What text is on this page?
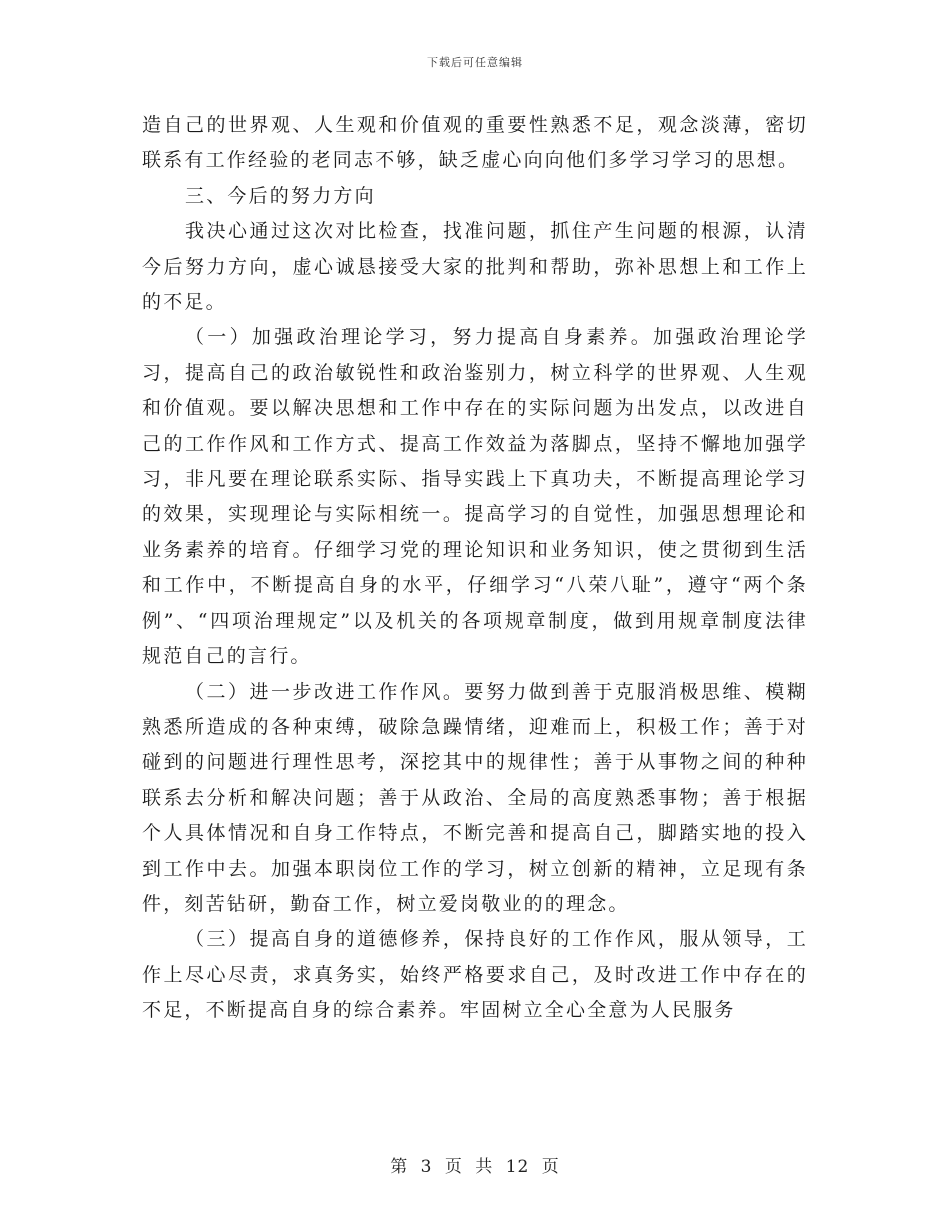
下载后可任意编辑

造自己的世界观、人生观和价值观的重要性熟悉不足，观念淡薄，密切联系有工作经验的老同志不够，缺乏虚心向向他们多学习学习的思想。

三、今后的努力方向

我决心通过这次对比检查，找准问题，抓住产生问题的根源，认清今后努力方向，虚心诚恳接受大家的批判和帮助，弥补思想上和工作上的不足。

（一）加强政治理论学习，努力提高自身素养。加强政治理论学习，提高自己的政治敏锐性和政治鉴别力，树立科学的世界观、人生观和价值观。要以解决思想和工作中存在的实际问题为出发点，以改进自己的工作作风和工作方式、提高工作效益为落脚点，坚持不懈地加强学习，非凡要在理论联系实际、指导实践上下真功夫，不断提高理论学习的效果，实现理论与实际相统一。提高学习的自觉性，加强思想理论和业务素养的培育。仔细学习党的理论知识和业务知识，使之贯彻到生活和工作中，不断提高自身的水平，仔细学习“八荣八耻”，遵守“两个条例”、“四项治理规定”以及机关的各项规章制度，做到用规章制度法律规范自己的言行。

（二）进一步改进工作作风。要努力做到善于克服消极思维、模糊熟悉所造成的各种束缚，破除急躁情绪，迎难而上，积极工作；善于对碰到的问题进行理性思考，深挖其中的规律性；善于从事物之间的种种联系去分析和解决问题；善于从政治、全局的高度熟悉事物；善于根据个人具体情况和自身工作特点，不断完善和提高自己，脚踏实地的投入到工作中去。加强本职岗位工作的学习，树立创新的精神，立足现有条件，刻苦钻研，勤奋工作，树立爱岗敬业的的理念。

（三）提高自身的道德修养，保持良好的工作作风，服从领导，工作上尽心尽责，求真务实，始终严格要求自己，及时改进工作中存在的不足，不断提高自身的综合素养。牢固树立全心全意为人民服务

第 3 页 共 12 页
